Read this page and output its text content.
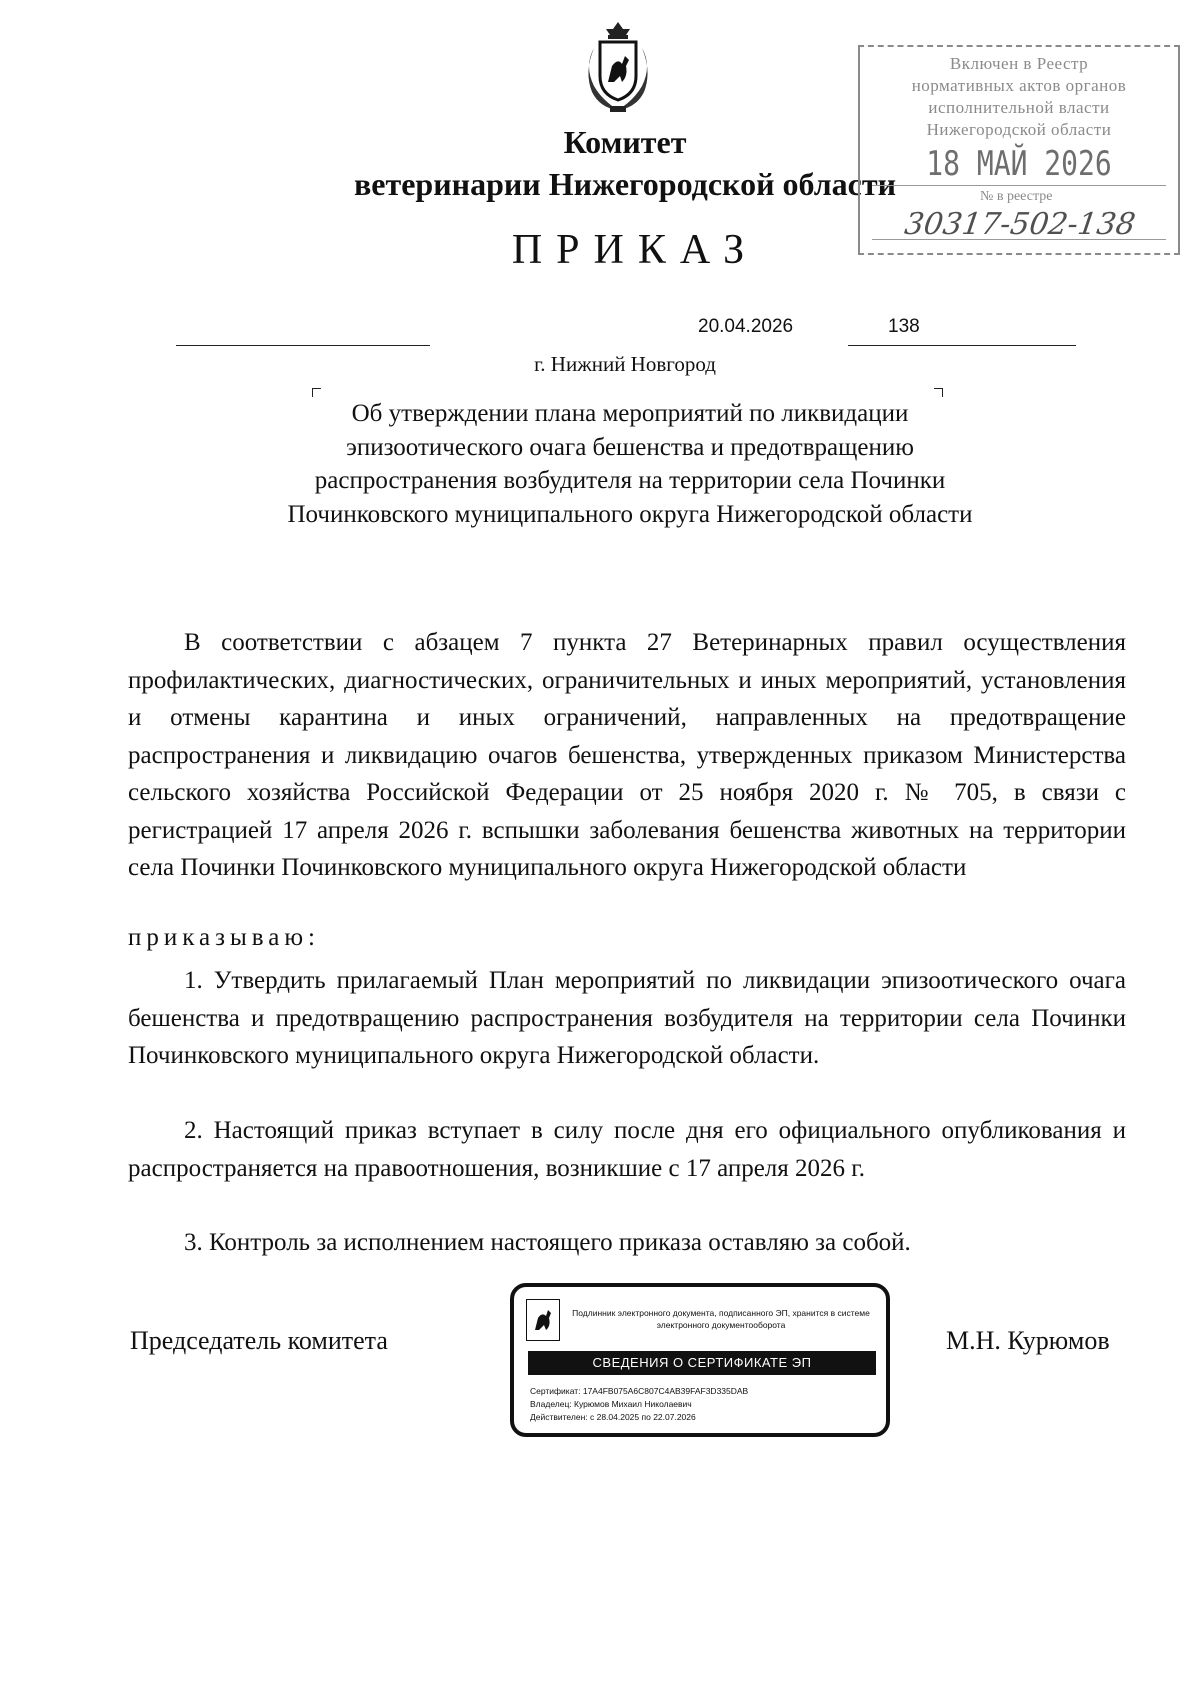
Комитет
ветеринарии Нижегородской области
ПРИКАЗ
Включен в Реестр
нормативных актов органов
исполнительной власти
Нижегородской области
18 МАЙ 2026
№ в реестре
30317-502-138
20.04.2026	138
г. Нижний Новгород
Об утверждении плана мероприятий по ликвидации эпизоотического очага бешенства и предотвращению распространения возбудителя на территории села Починки Починковского муниципального округа Нижегородской области
В соответствии с абзацем 7 пункта 27 Ветеринарных правил осуществления профилактических, диагностических, ограничительных и иных мероприятий, установления и отмены карантина и иных ограничений, направленных на предотвращение распространения и ликвидацию очагов бешенства, утвержденных приказом Министерства сельского хозяйства Российской Федерации от 25 ноября 2020 г. № 705, в связи с регистрацией 17 апреля 2026 г. вспышки заболевания бешенства животных на территории села Починки Починковского муниципального округа Нижегородской области
приказываю:
1. Утвердить прилагаемый План мероприятий по ликвидации эпизоотического очага бешенства и предотвращению распространения возбудителя на территории села Починки Починковского муниципального округа Нижегородской области.
2. Настоящий приказ вступает в силу после дня его официального опубликования и распространяется на правоотношения, возникшие с 17 апреля 2026 г.
3. Контроль за исполнением настоящего приказа оставляю за собой.
Председатель комитета	М.Н. Курюмов
Подлинник электронного документа, подписанного ЭП, хранится в системе электронного документооборота
СВЕДЕНИЯ О СЕРТИФИКАТЕ ЭП
Сертификат: 17A4FB075A6C807C4AB39FAF3D335DAB
Владелец: Курюмов Михаил Николаевич
Действителен: с 28.04.2025 по 22.07.2026
